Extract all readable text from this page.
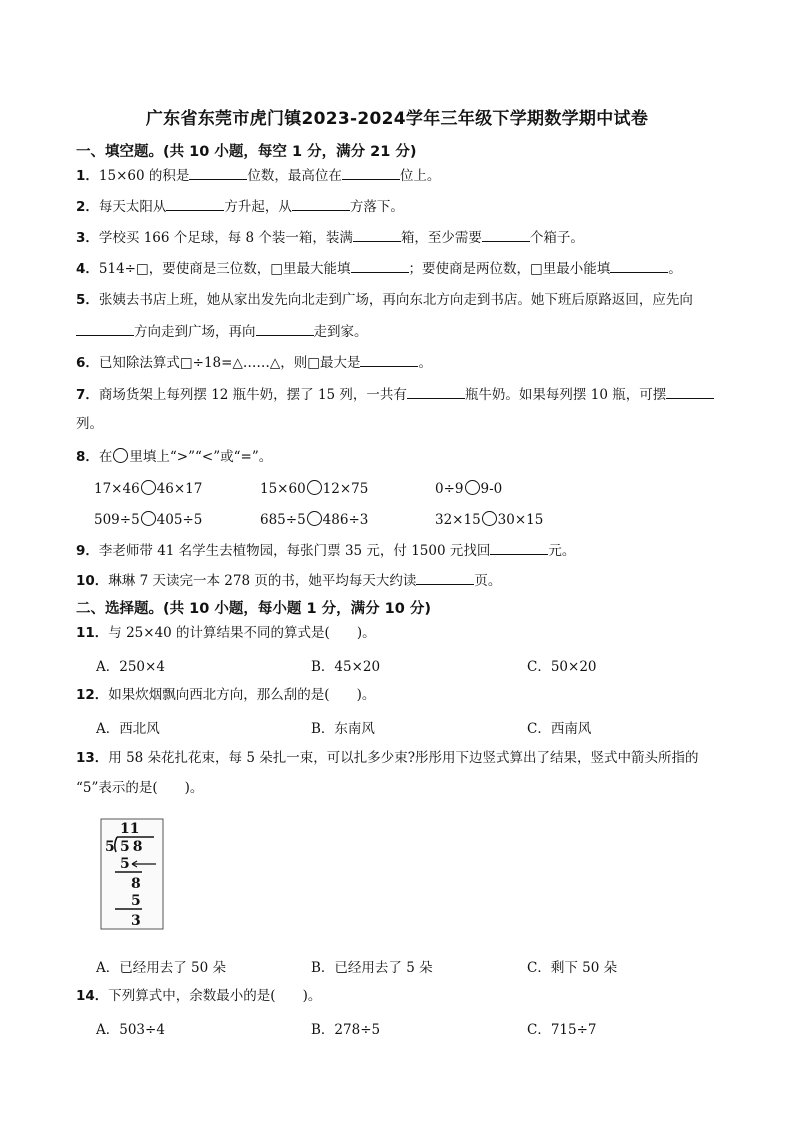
广东省东莞市虎门镇2023-2024学年三年级下学期数学期中试卷
一、填空题。(共 10 小题，每空 1 分，满分 21 分)
1．15×60 的积是	位数，最高位在	位上。
2．每天太阳从	方升起，从	方落下。
3．学校买 166 个足球，每 8 个装一箱，装满	箱，至少需要	个箱子。
4．514÷□，要使商是三位数，□里最大能填	；要使商是两位数，□里最小能填	。
5．张姨去书店上班，她从家出发先向北走到广场，再向东北方向走到书店。她下班后原路返回，应先向
方向走到广场，再向	走到家。
6．已知除法算式□÷18=△……△，则□最大是	。
7．商场货架上每列摆 12 瓶牛奶，摆了 15 列，一共有	瓶牛奶。如果每列摆 10 瓶，可摆
列。
8．在 里填上“>”“<”或“=”。
17×46 46×17	15×60 12×75	0÷9 9-0
509÷5 405÷5	685÷5 486÷3	32×15 30×15
9．李老师带 41 名学生去植物园，每张门票 35 元，付 1500 元找回	元。
10．琳琳 7 天读完一本 278 页的书，她平均每天大约读	页。
二、选择题。(共 10 小题，每小题 1 分，满分 10 分)
11．与 25×40 的计算结果不同的算式是(　　)。
A．250×4	B．45×20	C．50×20
12．如果炊烟飘向西北方向，那么刮的是(　　)。
A．西北风	B．东南风	C．西南风
13．用 58 朵花扎花束，每 5 朵扎一束，可以扎多少束?彤彤用下边竖式算出了结果，竖式中箭头所指的
“5”表示的是(　　)。
11
5 58
5
8
5
3
A．已经用去了 50 朵	B．已经用去了 5 朵	C．剩下 50 朵
14．下列算式中，余数最小的是(　　)。
A．503÷4	B．278÷5	C．715÷7
